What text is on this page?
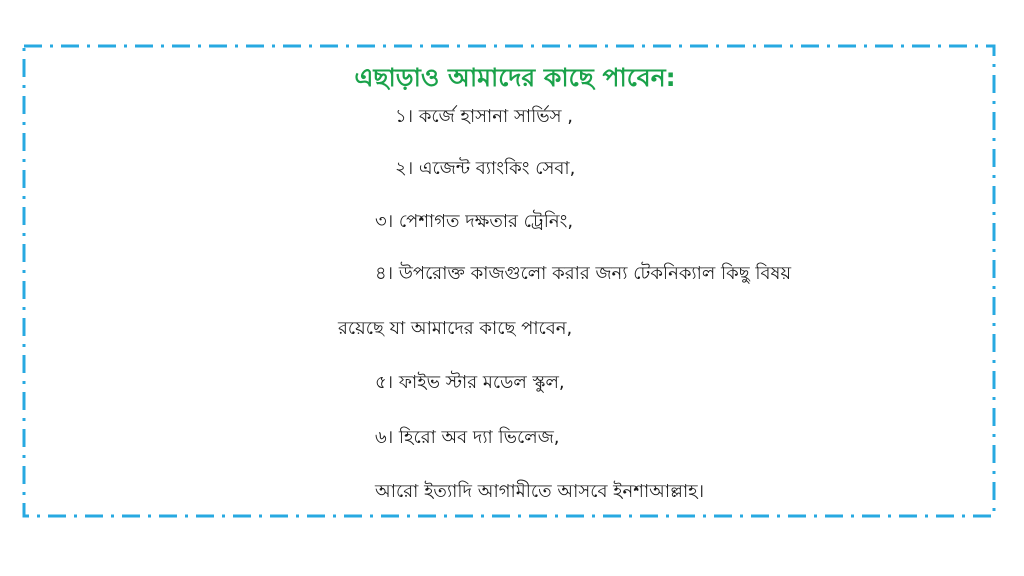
এছাড়াও আমাদের কাছে পাবেন:
১। কর্জে হাসানা সার্ভিস ,
২। এজেন্ট ব্যাংকিং সেবা,
৩। পেশাগত দক্ষতার ট্রেনিং,
৪। উপরোক্ত কাজগুলো করার জন্য টেকনিক্যাল কিছু বিষয়
রয়েছে যা আমাদের কাছে পাবেন,
৫। ফাইভ স্টার মডেল স্কুল,
৬। হিরো অব দ্যা ভিলেজ,
আরো ইত্যাদি আগামীতে আসবে ইনশাআল্লাহ।
